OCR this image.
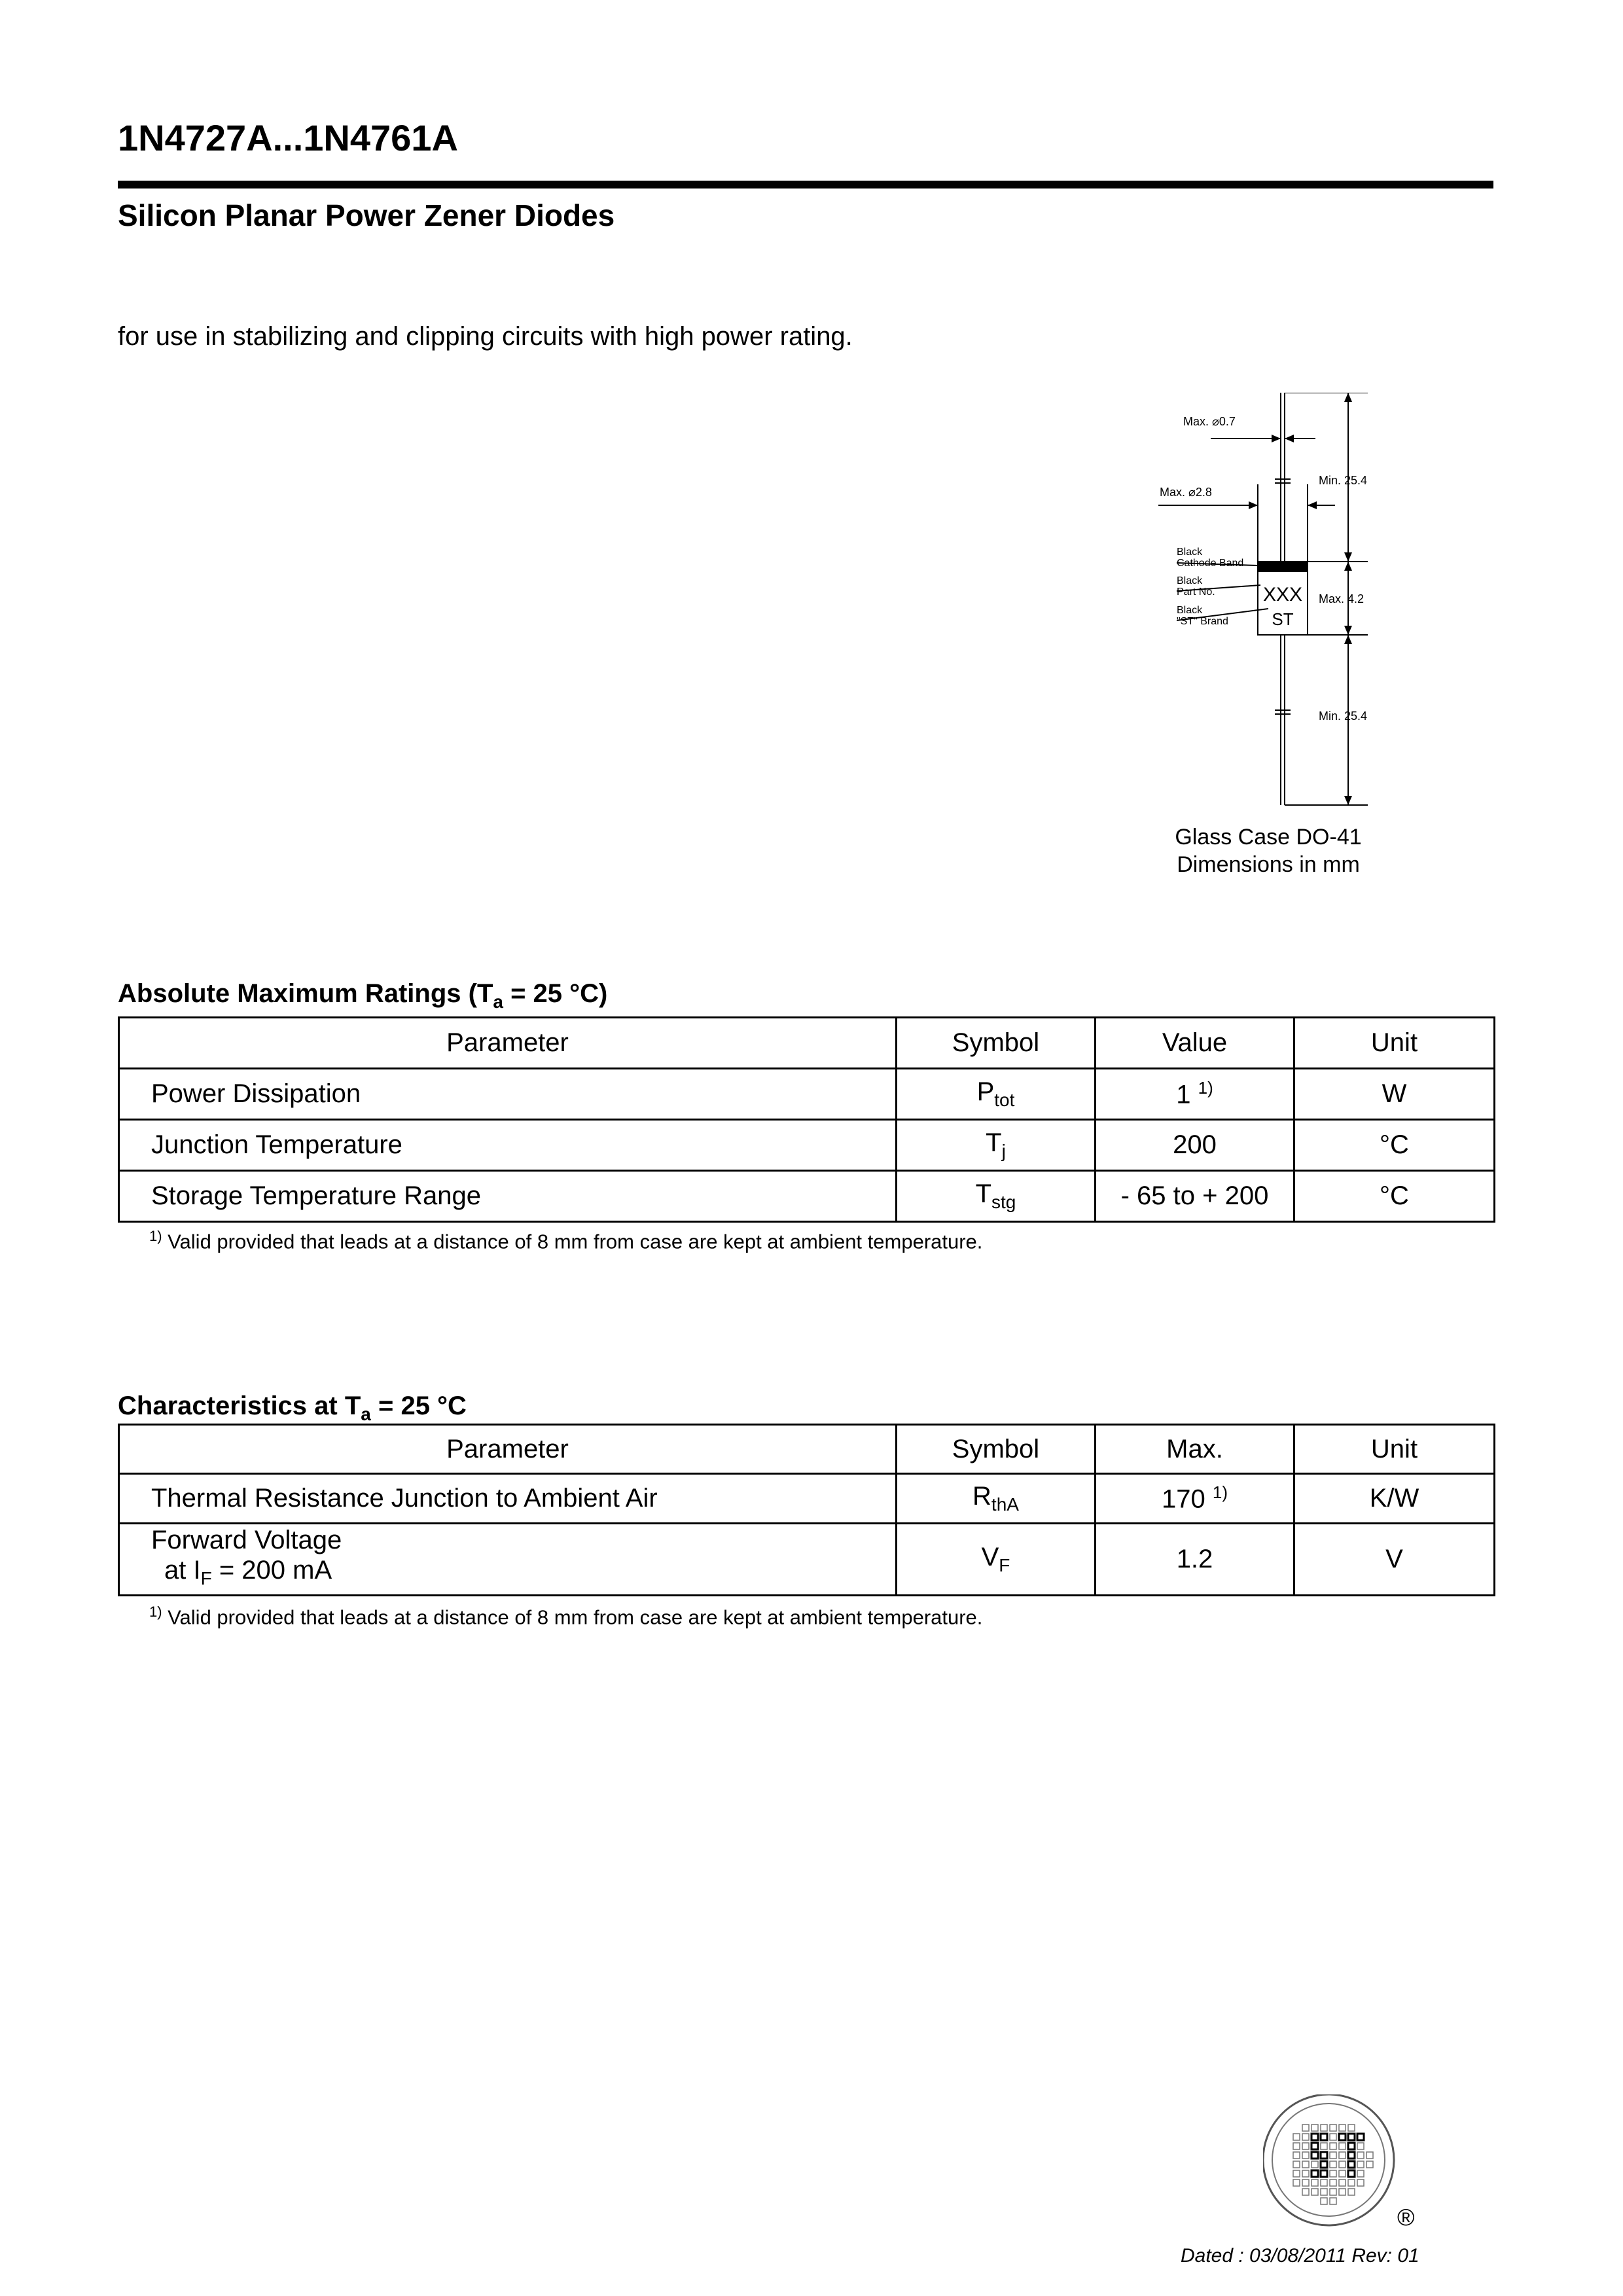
1N4727A...1N4761A
Silicon Planar Power Zener Diodes

for use in stabilizing and clipping circuits with high power rating.

Max. ⌀0.7
Max. ⌀2.8
Min. 25.4
Max. 4.2
Min. 25.4
Black
Cathode Band
Black
Part No.
Black
"ST" Brand
XXX
ST
Glass Case DO-41
Dimensions in mm
Absolute Maximum Ratings ($T_a = 25$ °C)
Parameter	Symbol	Value	Unit
Power Dissipation	$P_{tot}$	1 $^{1)}$	W
Junction Temperature	$T_j$	200	°C
Storage Temperature Range	$T_{stg}$	- 65 to + 200	°C
$^{1)}$ Valid provided that leads at a distance of 8 mm from case are kept at ambient temperature.
Characteristics at $T_a = 25$ °C
Parameter	Symbol	Max.	Unit
Thermal Resistance Junction to Ambient Air	$R_{thA}$	170 $^{1)}$	K/W

Forward Voltage
at $I_F = 200$ mA	$V_F$	1.2	V
$^{1)}$ Valid provided that leads at a distance of 8 mm from case are kept at ambient temperature.
®
Dated : 03/08/2011 Rev: 01
